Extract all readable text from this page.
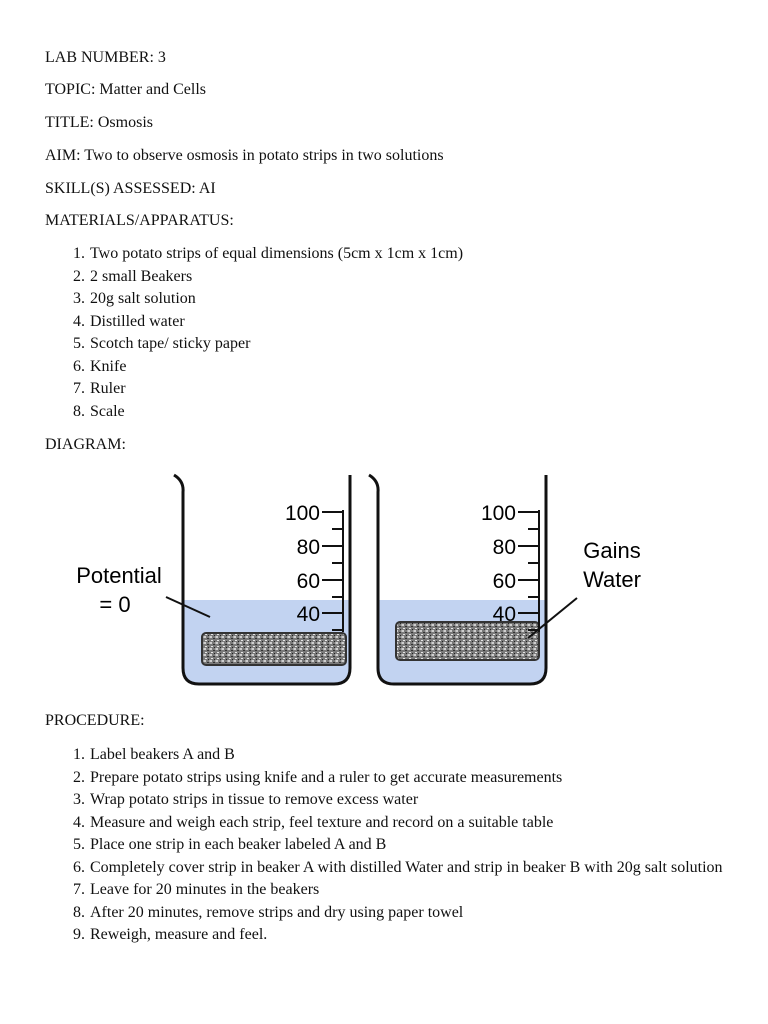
LAB NUMBER: 3
TOPIC: Matter and Cells
TITLE: Osmosis
AIM: Two to observe osmosis in potato strips in two solutions
SKILL(S) ASSESSED: AI
MATERIALS/APPARATUS:
1. Two potato strips of equal dimensions (5cm x 1cm x 1cm)
2. 2 small Beakers
3. 20g salt solution
4. Distilled water
5. Scotch tape/ sticky paper
6. Knife
7. Ruler
8. Scale
DIAGRAM:
100
80
60
40
100
80
60
40
Potential
= 0
Gains
Water
PROCEDURE:
1. Label beakers A and B
2. Prepare potato strips using knife and a ruler to get accurate measurements
3. Wrap potato strips in tissue to remove excess water
4. Measure and weigh each strip, feel texture and record on a suitable table
5. Place one strip in each beaker labeled A and B
6. Completely cover strip in beaker A with distilled Water and strip in beaker B with 20g salt solution
7. Leave for 20 minutes in the beakers
8. After 20 minutes, remove strips and dry using paper towel
9. Reweigh, measure and feel.
